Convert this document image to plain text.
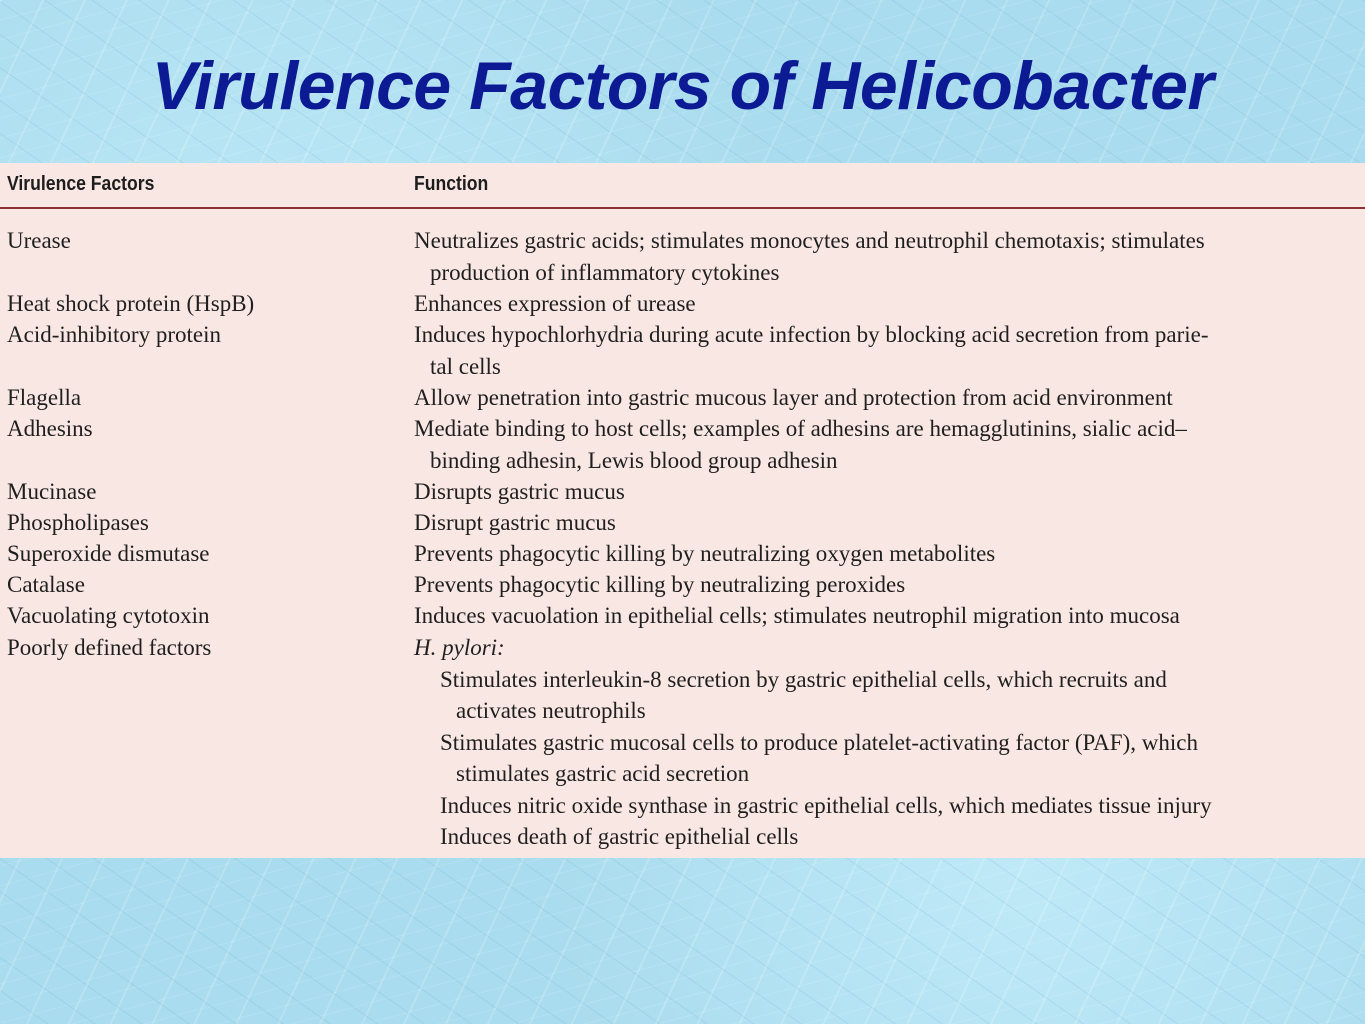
Virulence Factors of Helicobacter
Virulence Factors	Function
Urease	Neutralizes gastric acids; stimulates monocytes and neutrophil chemotaxis; stimulates
production of inflammatory cytokines
Heat shock protein (HspB)	Enhances expression of urease
Acid-inhibitory protein	Induces hypochlorhydria during acute infection by blocking acid secretion from parie-
tal cells
Flagella	Allow penetration into gastric mucous layer and protection from acid environment
Adhesins	Mediate binding to host cells; examples of adhesins are hemagglutinins, sialic acid–
binding adhesin, Lewis blood group adhesin
Mucinase	Disrupts gastric mucus
Phospholipases	Disrupt gastric mucus
Superoxide dismutase	Prevents phagocytic killing by neutralizing oxygen metabolites
Catalase	Prevents phagocytic killing by neutralizing peroxides
Vacuolating cytotoxin	Induces vacuolation in epithelial cells; stimulates neutrophil migration into mucosa
Poorly defined factors	H. pylori:
Stimulates interleukin-8 secretion by gastric epithelial cells, which recruits and
activates neutrophils
Stimulates gastric mucosal cells to produce platelet-activating factor (PAF), which
stimulates gastric acid secretion
Induces nitric oxide synthase in gastric epithelial cells, which mediates tissue injury
Induces death of gastric epithelial cells
